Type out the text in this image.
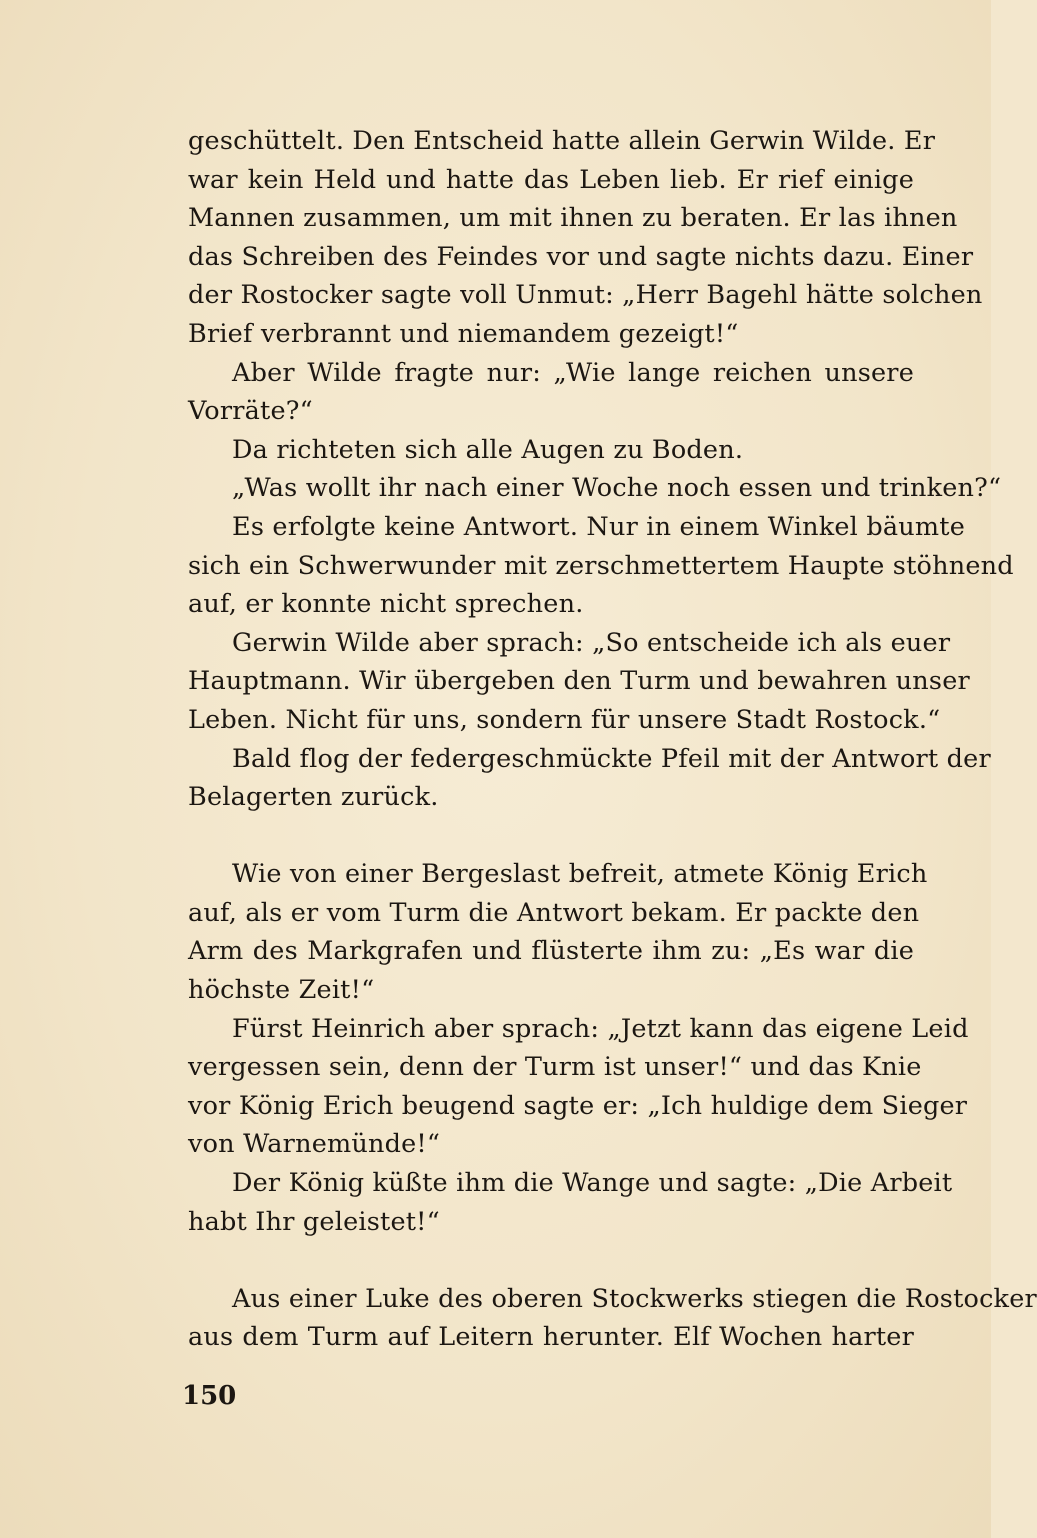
geschüttelt. Den Entscheid hatte allein Gerwin Wilde. Er
war kein Held und hatte das Leben lieb. Er rief einige
Mannen zusammen, um mit ihnen zu beraten. Er las ihnen
das Schreiben des Feindes vor und sagte nichts dazu. Einer
der Rostocker sagte voll Unmut: „Herr Bagehl hätte solchen
Brief verbrannt und niemandem gezeigt!“
Aber Wilde fragte nur: „Wie lange reichen unsere
Vorräte?“
Da richteten sich alle Augen zu Boden.
„Was wollt ihr nach einer Woche noch essen und trinken?“
Es erfolgte keine Antwort. Nur in einem Winkel bäumte
sich ein Schwerwunder mit zerschmettertem Haupte stöhnend
auf, er konnte nicht sprechen.
Gerwin Wilde aber sprach: „So entscheide ich als euer
Hauptmann. Wir übergeben den Turm und bewahren unser
Leben. Nicht für uns, sondern für unsere Stadt Rostock.“
Bald flog der federgeschmückte Pfeil mit der Antwort der
Belagerten zurück.
Wie von einer Bergeslast befreit, atmete König Erich
auf, als er vom Turm die Antwort bekam. Er packte den
Arm des Markgrafen und flüsterte ihm zu: „Es war die
höchste Zeit!“
Fürst Heinrich aber sprach: „Jetzt kann das eigene Leid
vergessen sein, denn der Turm ist unser!“ und das Knie
vor König Erich beugend sagte er: „Ich huldige dem Sieger
von Warnemünde!“
Der König küßte ihm die Wange und sagte: „Die Arbeit
habt Ihr geleistet!“
Aus einer Luke des oberen Stockwerks stiegen die Rostocker
aus dem Turm auf Leitern herunter. Elf Wochen harter
150
